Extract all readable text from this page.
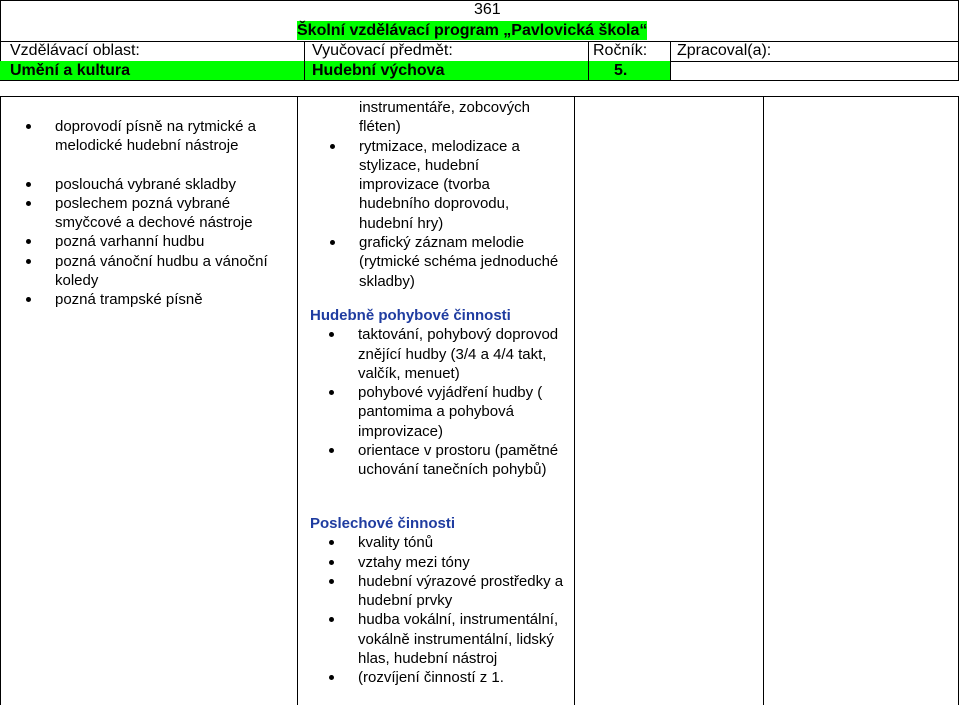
361
Školní vzdělávací program „Pavlovická škola“
Vzdělávací oblast:	Vyučovací předmět:	Ročník: Zpracoval(a):
Umění a kultura	Hudební výchova	5.
doprovodí písně na rytmické a melodické hudební nástroje
poslouchá vybrané skladby
poslechem pozná vybrané smyčcové a dechové nástroje
pozná varhanní hudbu
pozná vánoční hudbu a vánoční koledy
pozná trampské písně
instrumentáře, zobcových fléten)
rytmizace, melodizace a stylizace, hudební improvizace (tvorba hudebního doprovodu, hudební hry)
grafický záznam melodie (rytmické schéma jednoduché skladby)
Hudebně pohybové činnosti
taktování, pohybový doprovod znějící hudby (3/4 a 4/4 takt, valčík, menuet)
pohybové vyjádření hudby ( pantomima a pohybová improvizace)
orientace v prostoru (pamětné uchování tanečních pohybů)
Poslechové činnosti
kvality tónů
vztahy mezi tóny
hudební výrazové prostředky a hudební prvky
hudba vokální, instrumentální, vokálně instrumentální, lidský hlas, hudební nástroj
(rozvíjení činností z 1.
